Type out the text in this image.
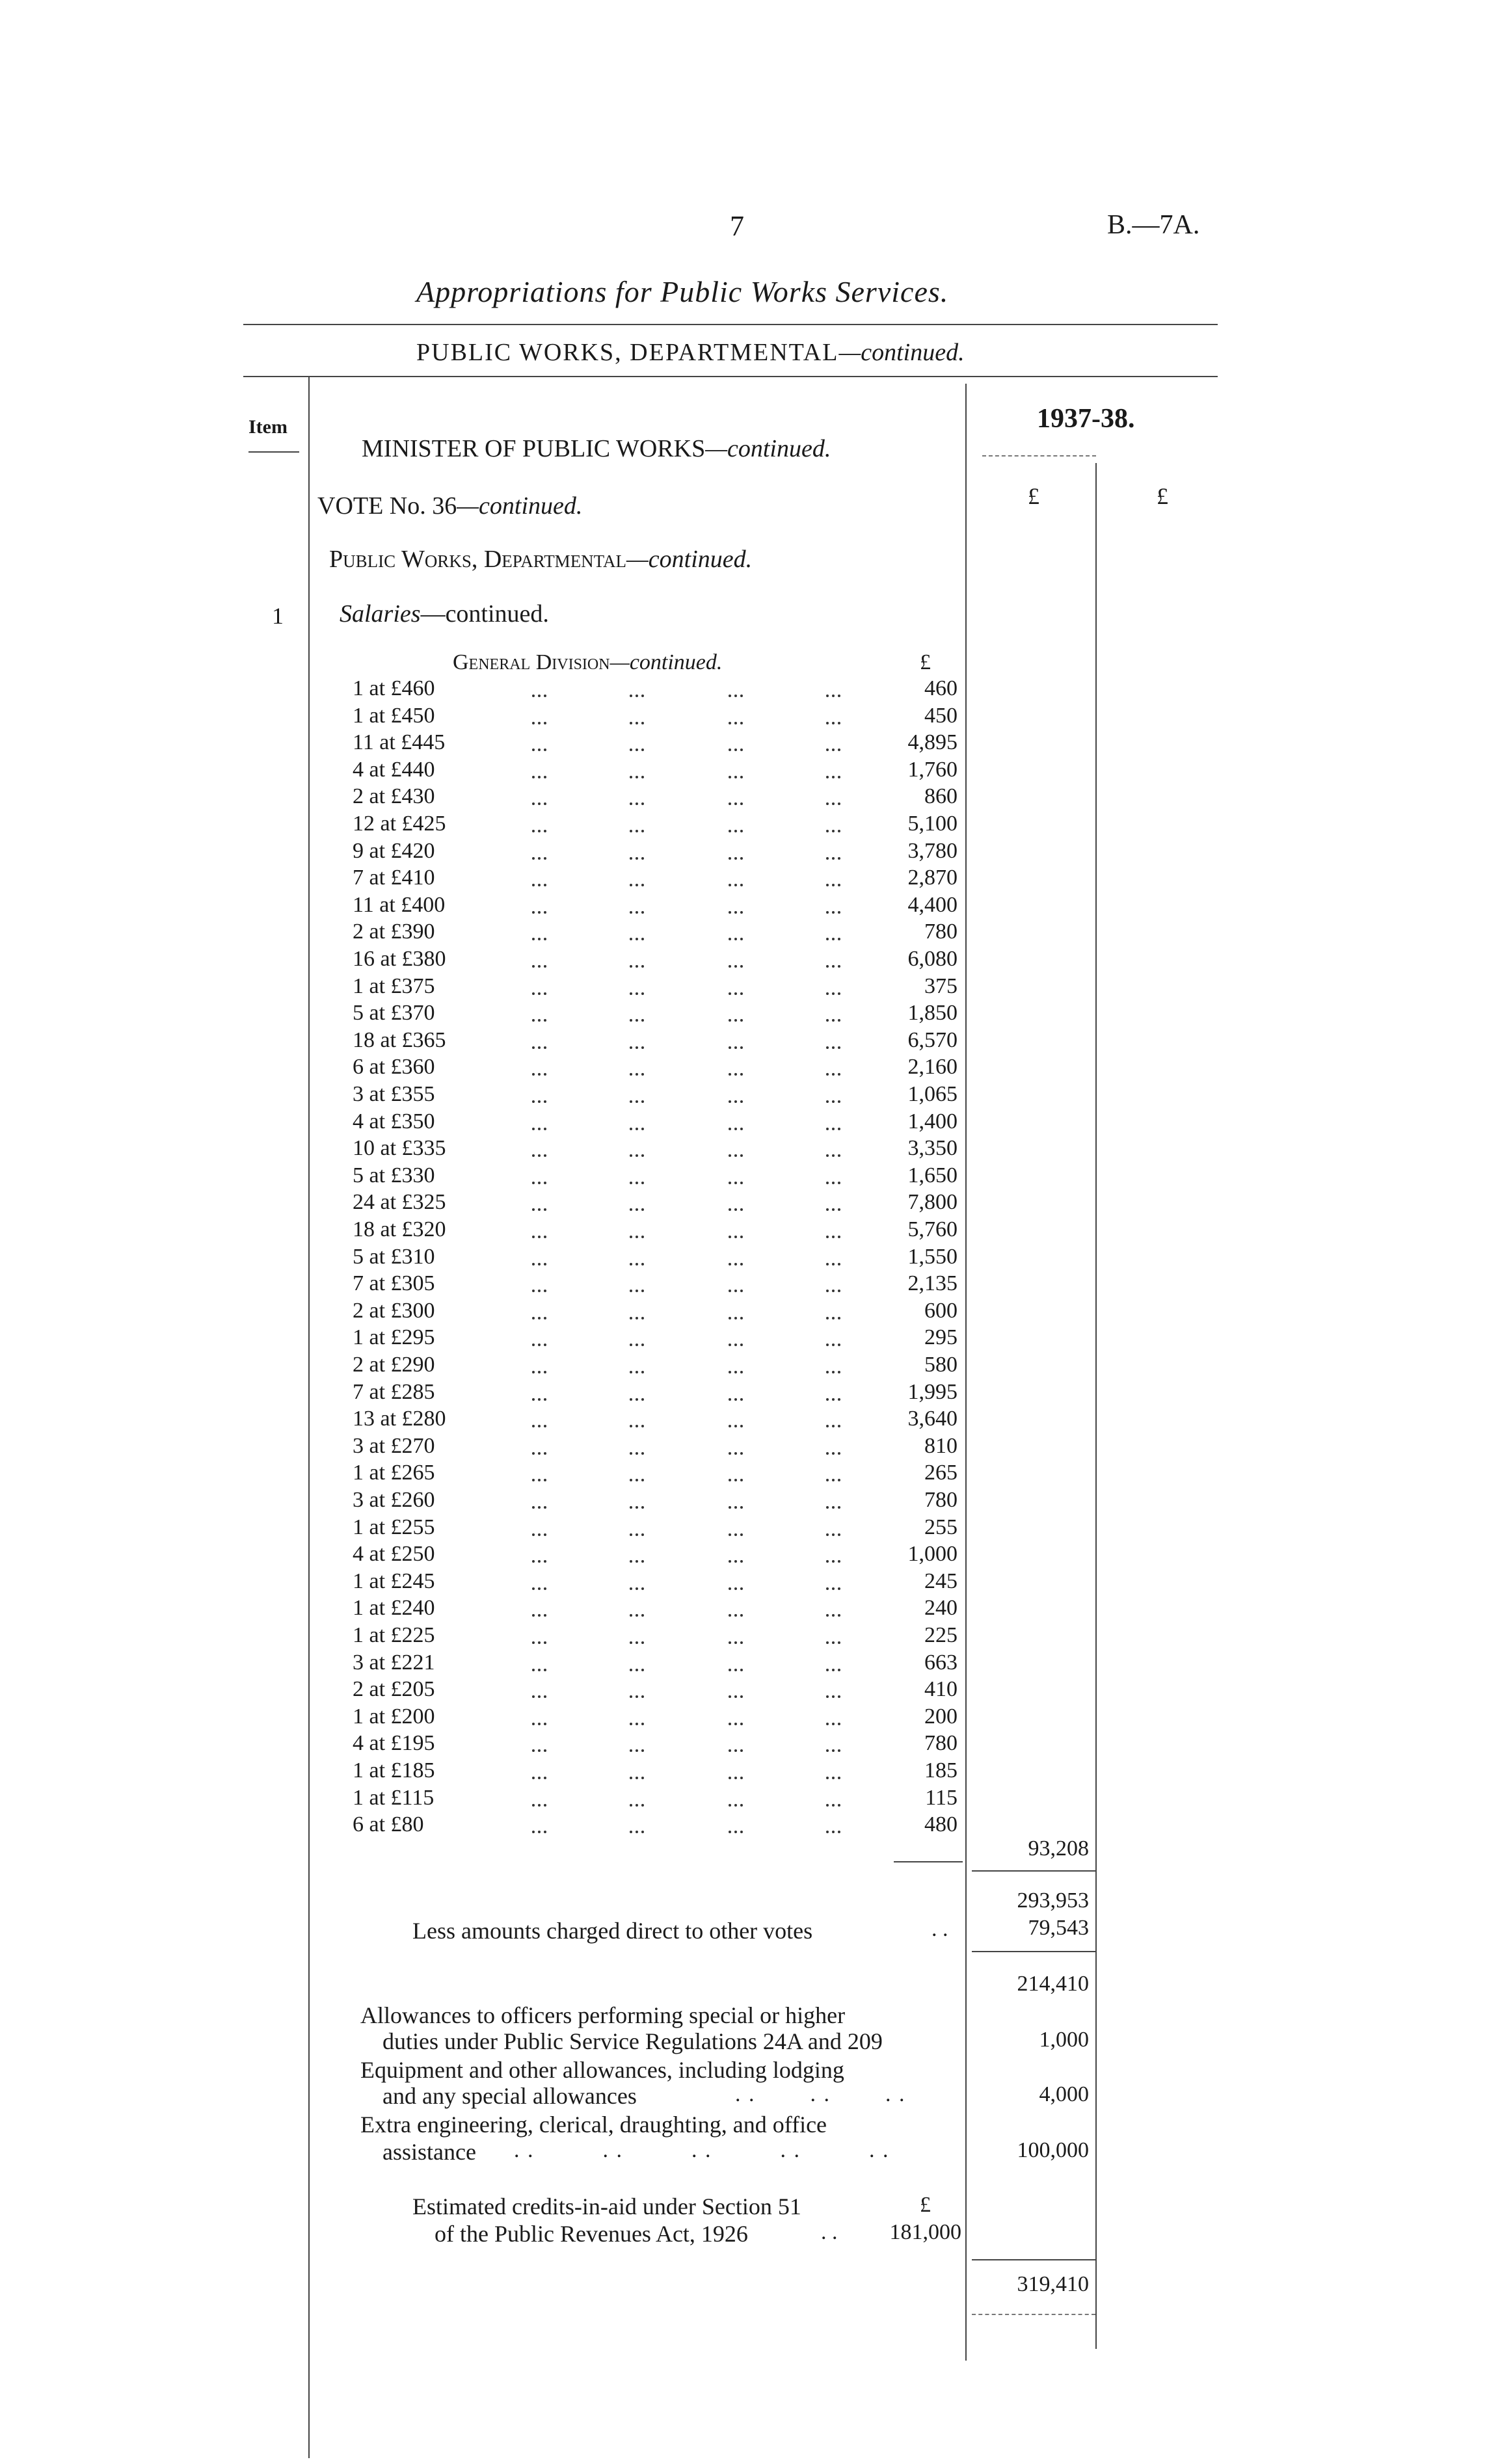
7	B.—7A.
Appropriations for Public Works Services.
PUBLIC WORKS, DEPARTMENTAL—continued.
Item	1937-38.
£	£
MINISTER OF PUBLIC WORKS—continued.
VOTE No. 36—continued.
Public Works, Departmental—continued.
1 Salaries—continued.
General Division—continued.	£
1 at £460	460
1 at £450	450
11 at £445	4,895
4 at £440	1,760
2 at £430	860
12 at £425	5,100
9 at £420	3,780
7 at £410	2,870
11 at £400	4,400
2 at £390	780
16 at £380	6,080
1 at £375	375
5 at £370	1,850
18 at £365	6,570
6 at £360	2,160
3 at £355	1,065
4 at £350	1,400
10 at £335	3,350
5 at £330	1,650
24 at £325	7,800
18 at £320	5,760
5 at £310	1,550
7 at £305	2,135
2 at £300	600
1 at £295	295
2 at £290	580
7 at £285	1,995
13 at £280	3,640
3 at £270	810
1 at £265	265
3 at £260	780
1 at £255	255
4 at £250	1,000
1 at £245	245
1 at £240	240
1 at £225	225
3 at £221	663
2 at £205	410
1 at £200	200
4 at £195	780
1 at £185	185
1 at £115	115
6 at £80	480
93,208
293,953
Less amounts charged direct to other votes	. .	79,543
214,410
Allowances to officers performing special or higher
duties under Public Service Regulations 24A and 209	1,000
Equipment and other allowances, including lodging
and any special allowances	. .        . .        . .	4,000
Extra engineering, clerical, draughting, and office
assistance . .          . .          . .          . .          . .	100,000
Estimated credits-in-aid under Section 51	£
of the Public Revenues Act, 1926	. .	181,000
319,410
